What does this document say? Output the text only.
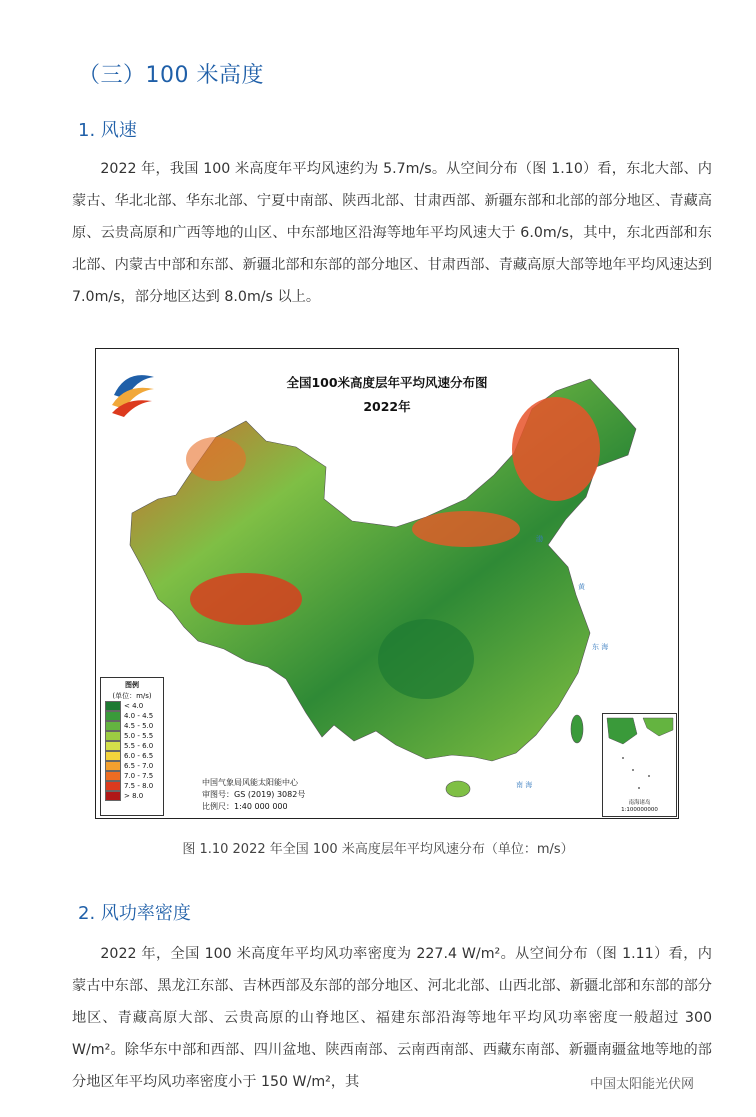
（三）100 米高度
1. 风速

2022 年，我国 100 米高度年平均风速约为 5.7m/s。从空间分布（图 1.10）看，东北大部、内蒙古、华北北部、华东北部、宁夏中南部、陕西北部、甘肃西部、新疆东部和北部的部分地区、青藏高原、云贵高原和广西等地的山区、中东部地区沿海等地年平均风速大于 6.0m/s，其中，东北西部和东北部、内蒙古中部和东部、新疆北部和东部的部分地区、甘肃西部、青藏高原大部等地年平均风速达到 7.0m/s，部分地区达到 8.0m/s 以上。

渤
黄
东 海
南 海
全国100米高度层年平均风速分布图
2022年
图例
(单位：m/s)
< 4.0
4.0 - 4.5
4.5 - 5.0
5.0 - 5.5
5.5 - 6.0
6.0 - 6.5
6.5 - 7.0
7.0 - 7.5
7.5 - 8.0
> 8.0
中国气象局风能太阳能中心
审图号：GS (2019) 3082号
比例尺：1:40 000 000	南海诸岛
1:100000000
图 1.10 2022 年全国 100 米高度层年平均风速分布（单位：m/s）
2. 风功率密度

2022 年，全国 100 米高度年平均风功率密度为 227.4 W/m²。从空间分布（图 1.11）看，内蒙古中东部、黑龙江东部、吉林西部及东部的部分地区、河北北部、山西北部、新疆北部和东部的部分地区、青藏高原大部、云贵高原的山脊地区、福建东部沿海等地年平均风功率密度一般超过 300 W/m²。除华东中部和西部、四川盆地、陕西南部、云南西南部、西藏东南部、新疆南疆盆地等地的部分地区年平均风功率密度小于 150 W/m²，其	中国太阳能光伏网
